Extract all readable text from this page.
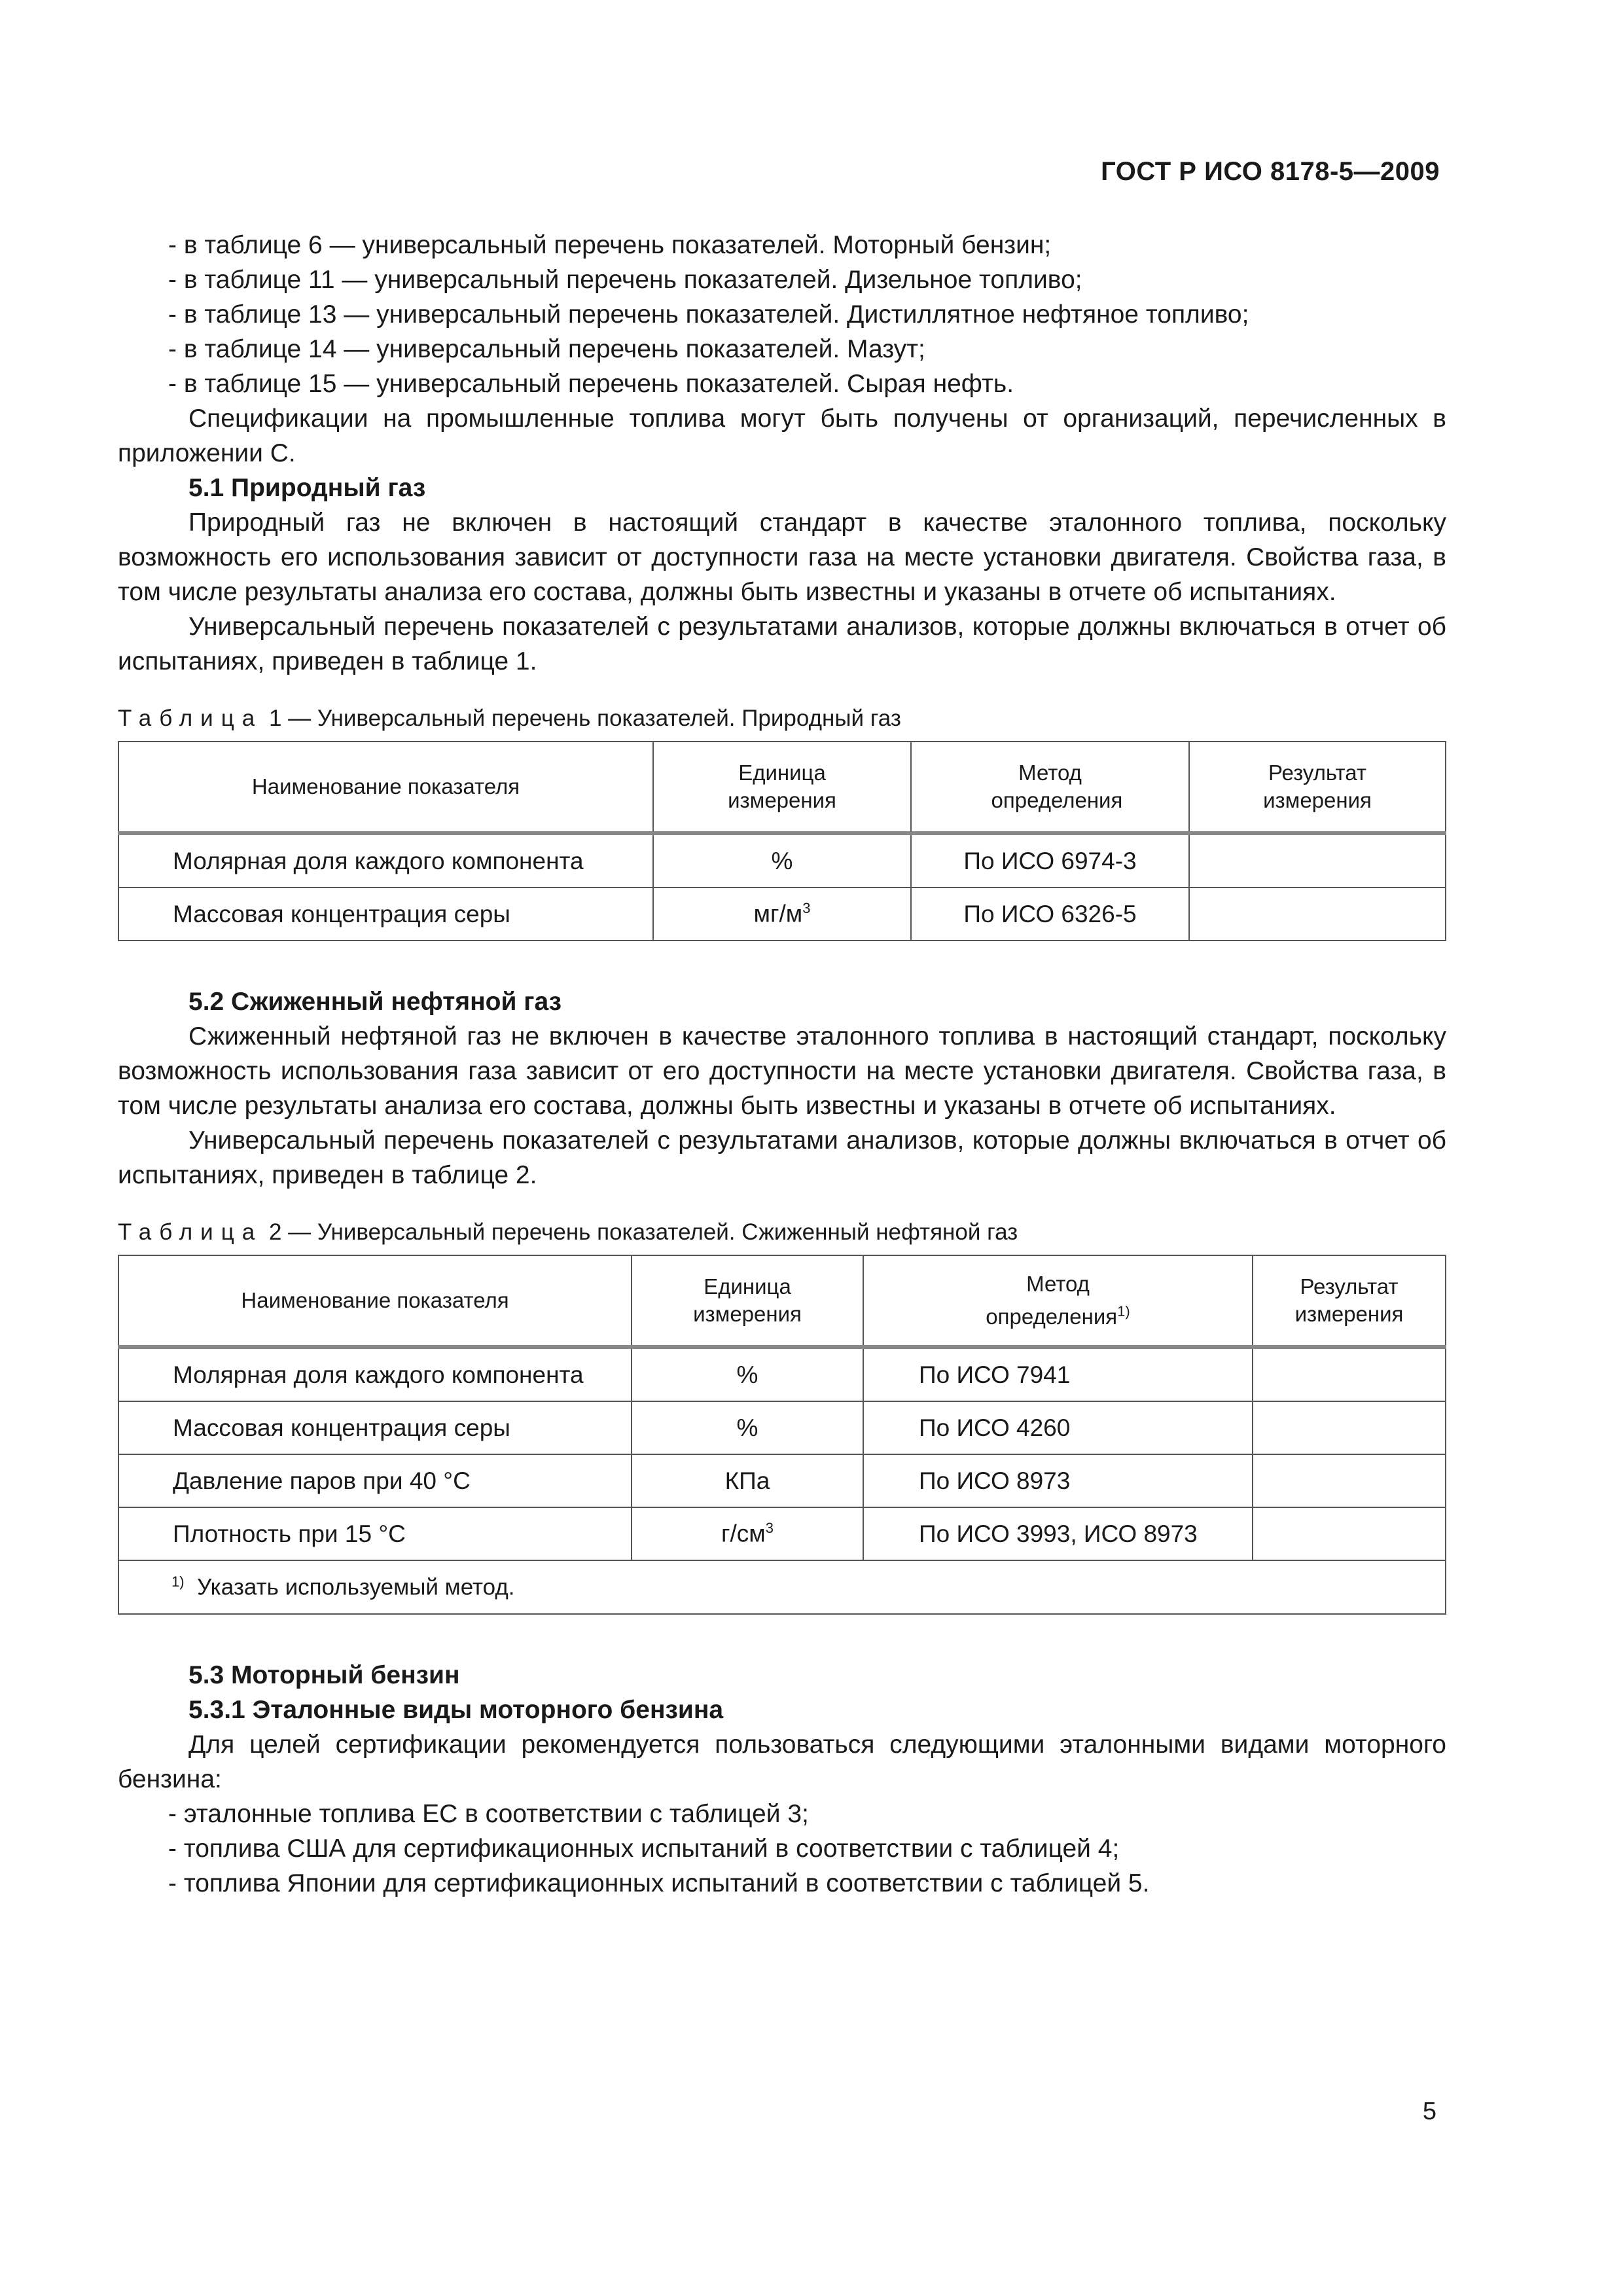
ГОСТ Р ИСО 8178-5—2009

- в таблице 6 — универсальный перечень показателей. Моторный бензин;

- в таблице 11 — универсальный перечень показателей. Дизельное топливо;

- в таблице 13 — универсальный перечень показателей. Дистиллятное нефтяное топливо;

- в таблице 14 — универсальный перечень показателей. Мазут;

- в таблице 15 — универсальный перечень показателей. Сырая нефть.

Спецификации на промышленные топлива могут быть получены от организаций, перечисленных в приложении С.

5.1 Природный газ

Природный газ не включен в настоящий стандарт в качестве эталонного топлива, поскольку возможность его использования зависит от доступности газа на месте установки двигателя. Свойства газа, в том числе результаты анализа его состава, должны быть известны и указаны в отчете об испытаниях.

Универсальный перечень показателей с результатами анализов, которые должны включаться в отчет об испытаниях, приведен в таблице 1.

Таблица 1 — Универсальный перечень показателей. Природный газ

Наименование показателя	Единица измерения	Метод определения	Результат измерения

Молярная доля каждого компонента	%	По ИСО 6974-3	
Массовая концентрация серы	$мг/м^3$	По ИСО 6326-5	

5.2 Сжиженный нефтяной газ

Сжиженный нефтяной газ не включен в качестве эталонного топлива в настоящий стандарт, поскольку возможность использования газа зависит от его доступности на месте установки двигателя. Свойства газа, в том числе результаты анализа его состава, должны быть известны и указаны в отчете об испытаниях.

Универсальный перечень показателей с результатами анализов, которые должны включаться в отчет об испытаниях, приведен в таблице 2.

Таблица 2 — Универсальный перечень показателей. Сжиженный нефтяной газ

Наименование показателя	Единица измерения	Метод определения$^{1)}$	Результат измерения

Молярная доля каждого компонента	%	По ИСО 7941	
Массовая концентрация серы	%	По ИСО 4260	
Давление паров при 40 °С	КПа	По ИСО 8973	
Плотность при 15 °С	$г/см^3$	По ИСО 3993, ИСО 8973	
$^{1)}$ Указать используемый метод.			

5.3 Моторный бензин

5.3.1 Эталонные виды моторного бензина

Для целей сертификации рекомендуется пользоваться следующими эталонными видами моторного бензина:

- эталонные топлива ЕС в соответствии с таблицей 3;

- топлива США для сертификационных испытаний в соответствии с таблицей 4;

- топлива Японии для сертификационных испытаний в соответствии с таблицей 5.

5
